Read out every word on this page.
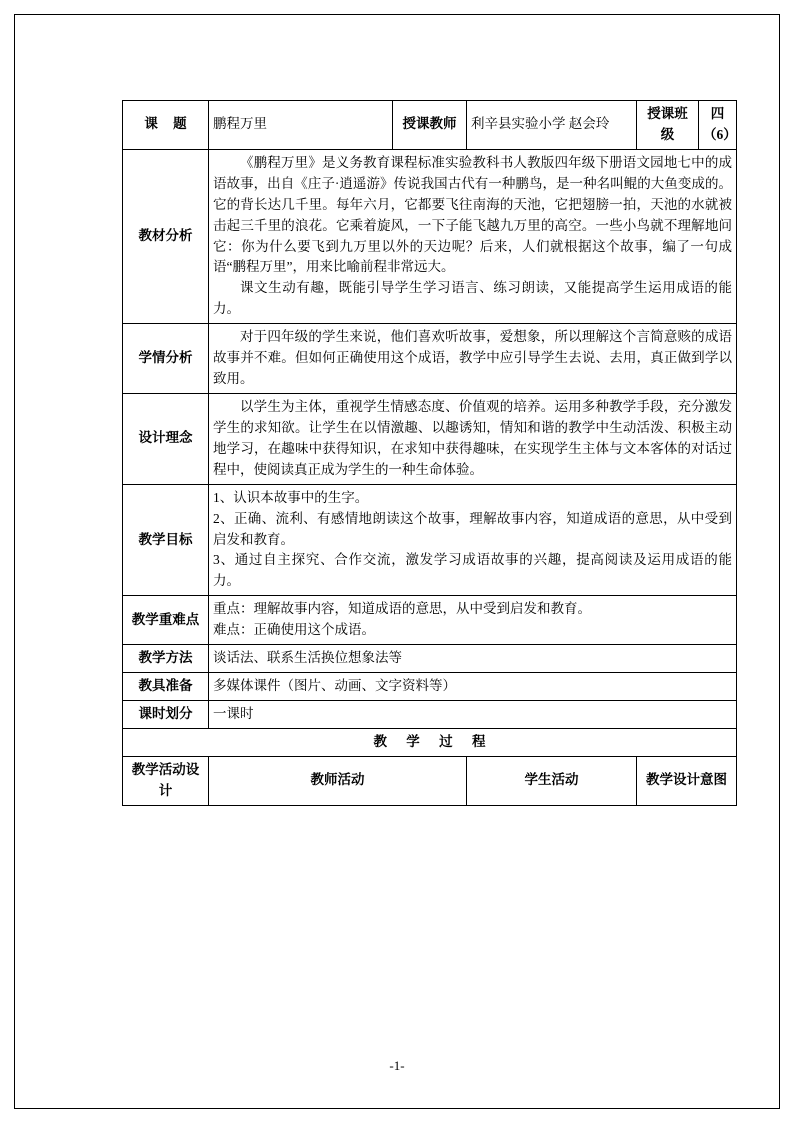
课 题	鹏程万里	授课教师	利辛县实验小学 赵会玲	授课班级	四（6）
教材分析	《鹏程万里》是义务教育课程标准实验教科书人教版四年级下册语文园地七中的成语故事，出自《庄子·逍遥游》传说我国古代有一种鹏鸟，是一种名叫鲲的大鱼变成的。它的背长达几千里。每年六月，它都要飞往南海的天池，它把翅膀一拍，天池的水就被击起三千里的浪花。它乘着旋风，一下子能飞越九万里的高空。一些小鸟就不理解地问它：你为什么要飞到九万里以外的天边呢？后来，人们就根据这个故事，编了一句成语“鹏程万里”，用来比喻前程非常远大。

课文生动有趣，既能引导学生学习语言、练习朗读，又能提高学生运用成语的能力。				

学情分析	对于四年级的学生来说，他们喜欢听故事，爱想象，所以理解这个言简意赅的成语故事并不难。但如何正确使用这个成语，教学中应引导学生去说、去用，真正做到学以致用。				

设计理念	以学生为主体，重视学生情感态度、价值观的培养。运用多种教学手段，充分激发学生的求知欲。让学生在以情激趣、以趣诱知，情知和谐的教学中生动活泼、积极主动地学习，在趣味中获得知识，在求知中获得趣味，在实现学生主体与文本客体的对话过程中，使阅读真正成为学生的一种生命体验。				

教学目标	1、认识本故事中的生字。

2、正确、流利、有感情地朗读这个故事，理解故事内容，知道成语的意思，从中受到启发和教育。

3、通过自主探究、合作交流，激发学习成语故事的兴趣，提高阅读及运用成语的能力。				

教学重难点	重点：理解故事内容，知道成语的意思，从中受到启发和教育。

难点：正确使用这个成语。				

教学方法	谈话法、联系生活换位想象法等				

教具准备	多媒体课件（图片、动画、文字资料等）				

课时划分	一课时				

教 学 过 程					
教学活动设计	教师活动		学生活动	教学设计意图	
-1-
